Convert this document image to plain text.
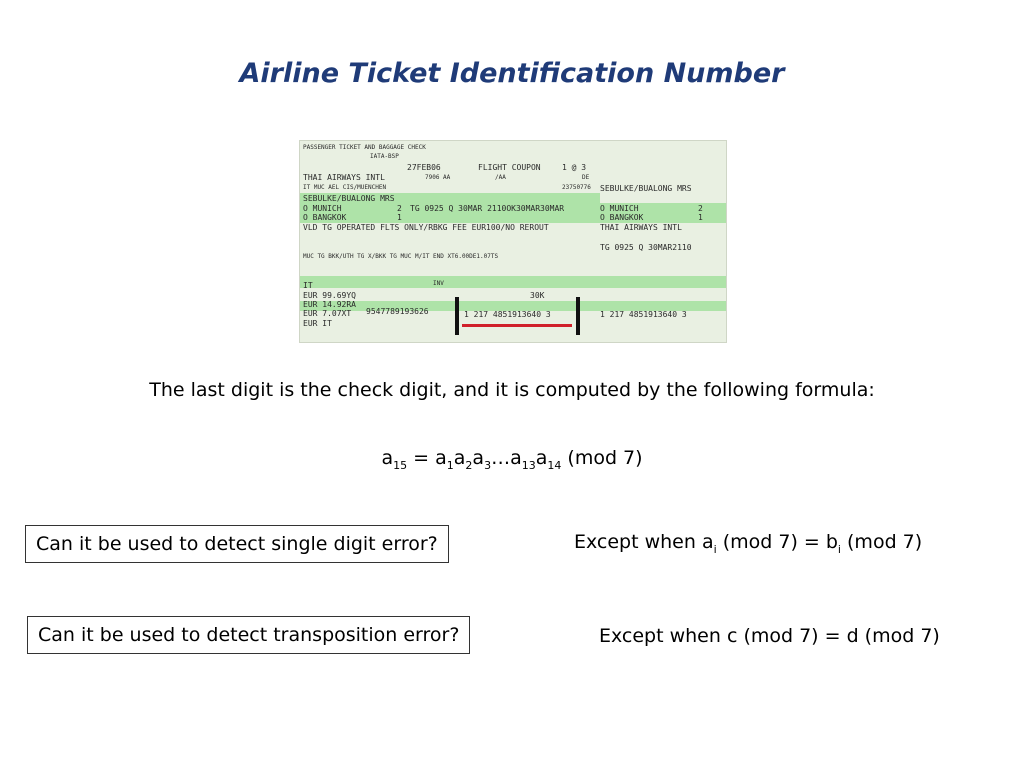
Airline Ticket Identification Number
PASSENGER TICKET AND BAGGAGE CHECK
IATA-BSP
27FEB06	FLIGHT COUPON	1 @ 3
7906 AA	/AA	DE
THAI AIRWAYS INTL
IT MUC AEL CIS/MUENCHEN	23750776
SEBULKE/BUALONG MRS
SEBULKE/BUALONG MRS
O MUNICH	2 TG 0925 Q 30MAR 2110OK30MAR30MAR	O MUNICH	2
O BANGKOK	1	O BANGKOK	1
VLD TG OPERATED FLTS ONLY/RBKG FEE EUR100/NO REROUT	THAI AIRWAYS INTL
TG 0925 Q 30MAR2110
MUC TG BKK/UTH TG X/BKK TG MUC M/IT END XT6.00DE1.07TS
INV
30K
IT
EUR 99.69YQ
EUR 14.92RA
EUR 7.07XT
EUR IT
9547789193626	1 217 4851913640 3	1 217 4851913640 3
The last digit is the check digit, and it is computed by the following formula:
$a_{15}$ = $a_1a_2a_3\dots a_{13}a_{14}$ (mod 7)
Can it be used to detect single digit error?	Except when $a_i$ (mod $7) = b_i$ (mod 7)
Can it be used to detect transposition error?	Except when c (mod 7) = d (mod 7)
